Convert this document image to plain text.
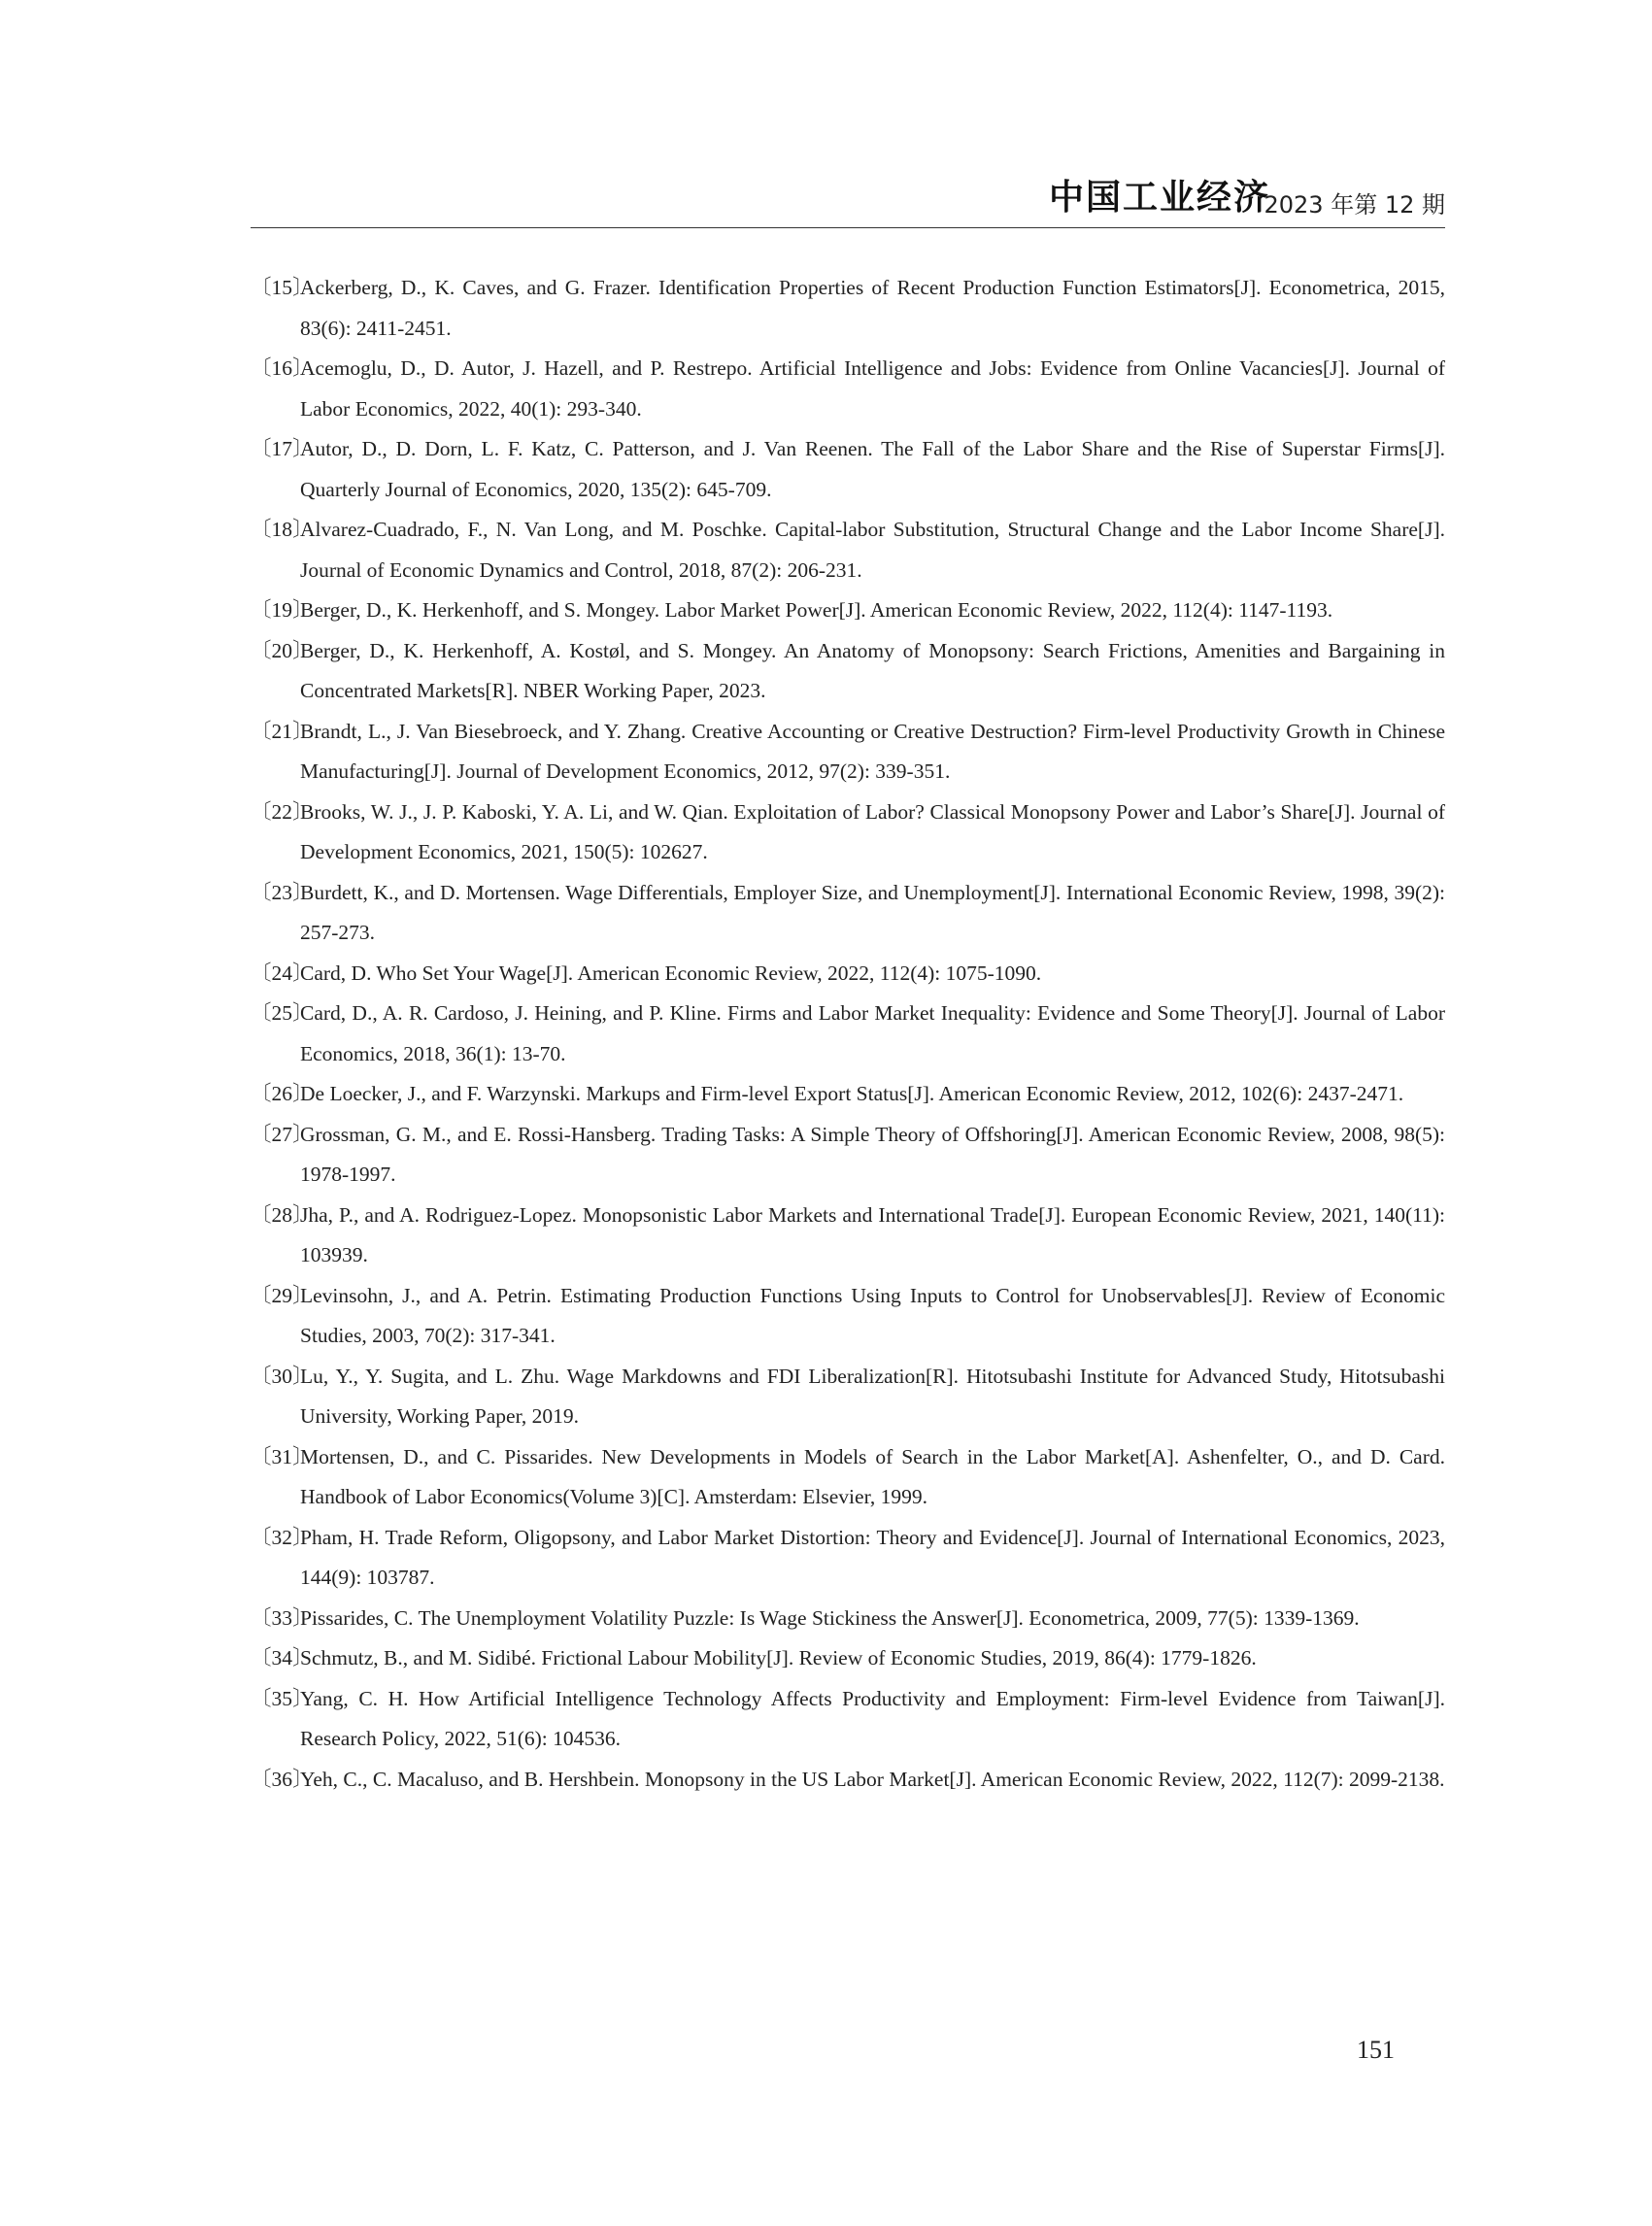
中国工业经济
2023 年第 12 期
〔15〕Ackerberg, D., K. Caves, and G. Frazer. Identification Properties of Recent Production Function Estimators[J]. Econometrica, 2015, 83(6): 2411-2451.
〔16〕Acemoglu, D., D. Autor, J. Hazell, and P. Restrepo. Artificial Intelligence and Jobs: Evidence from Online Vacancies[J]. Journal of Labor Economics, 2022, 40(1): 293-340.
〔17〕Autor, D., D. Dorn, L. F. Katz, C. Patterson, and J. Van Reenen. The Fall of the Labor Share and the Rise of Superstar Firms[J]. Quarterly Journal of Economics, 2020, 135(2): 645-709.
〔18〕Alvarez-Cuadrado, F., N. Van Long, and M. Poschke. Capital-labor Substitution, Structural Change and the Labor Income Share[J]. Journal of Economic Dynamics and Control, 2018, 87(2): 206-231.
〔19〕Berger, D., K. Herkenhoff, and S. Mongey. Labor Market Power[J]. American Economic Review, 2022, 112(4): 1147-1193.
〔20〕Berger, D., K. Herkenhoff, A. Kostøl, and S. Mongey. An Anatomy of Monopsony: Search Frictions, Amenities and Bargaining in Concentrated Markets[R]. NBER Working Paper, 2023.
〔21〕Brandt, L., J. Van Biesebroeck, and Y. Zhang. Creative Accounting or Creative Destruction? Firm-level Productivity Growth in Chinese Manufacturing[J]. Journal of Development Economics, 2012, 97(2): 339-351.
〔22〕Brooks, W. J., J. P. Kaboski, Y. A. Li, and W. Qian. Exploitation of Labor? Classical Monopsony Power and Labor’s Share[J]. Journal of Development Economics, 2021, 150(5): 102627.
〔23〕Burdett, K., and D. Mortensen. Wage Differentials, Employer Size, and Unemployment[J]. International Economic Review, 1998, 39(2): 257-273.
〔24〕Card, D. Who Set Your Wage[J]. American Economic Review, 2022, 112(4): 1075-1090.
〔25〕Card, D., A. R. Cardoso, J. Heining, and P. Kline. Firms and Labor Market Inequality: Evidence and Some Theory[J]. Journal of Labor Economics, 2018, 36(1): 13-70.
〔26〕De Loecker, J., and F. Warzynski. Markups and Firm-level Export Status[J]. American Economic Review, 2012, 102(6): 2437-2471.
〔27〕Grossman, G. M., and E. Rossi-Hansberg. Trading Tasks: A Simple Theory of Offshoring[J]. American Economic Review, 2008, 98(5): 1978-1997.
〔28〕Jha, P., and A. Rodriguez-Lopez. Monopsonistic Labor Markets and International Trade[J]. European Economic Review, 2021, 140(11): 103939.
〔29〕Levinsohn, J., and A. Petrin. Estimating Production Functions Using Inputs to Control for Unobservables[J]. Review of Economic Studies, 2003, 70(2): 317-341.
〔30〕Lu, Y., Y. Sugita, and L. Zhu. Wage Markdowns and FDI Liberalization[R]. Hitotsubashi Institute for Advanced Study, Hitotsubashi University, Working Paper, 2019.
〔31〕Mortensen, D., and C. Pissarides. New Developments in Models of Search in the Labor Market[A]. Ashenfelter, O., and D. Card. Handbook of Labor Economics(Volume 3)[C]. Amsterdam: Elsevier, 1999.
〔32〕Pham, H. Trade Reform, Oligopsony, and Labor Market Distortion: Theory and Evidence[J]. Journal of International Economics, 2023, 144(9): 103787.
〔33〕Pissarides, C. The Unemployment Volatility Puzzle: Is Wage Stickiness the Answer[J]. Econometrica, 2009, 77(5): 1339-1369.
〔34〕Schmutz, B., and M. Sidibé. Frictional Labour Mobility[J]. Review of Economic Studies, 2019, 86(4): 1779-1826.
〔35〕Yang, C. H. How Artificial Intelligence Technology Affects Productivity and Employment: Firm-level Evidence from Taiwan[J]. Research Policy, 2022, 51(6): 104536.
〔36〕Yeh, C., C. Macaluso, and B. Hershbein. Monopsony in the US Labor Market[J]. American Economic Review, 2022, 112(7): 2099-2138.
151
